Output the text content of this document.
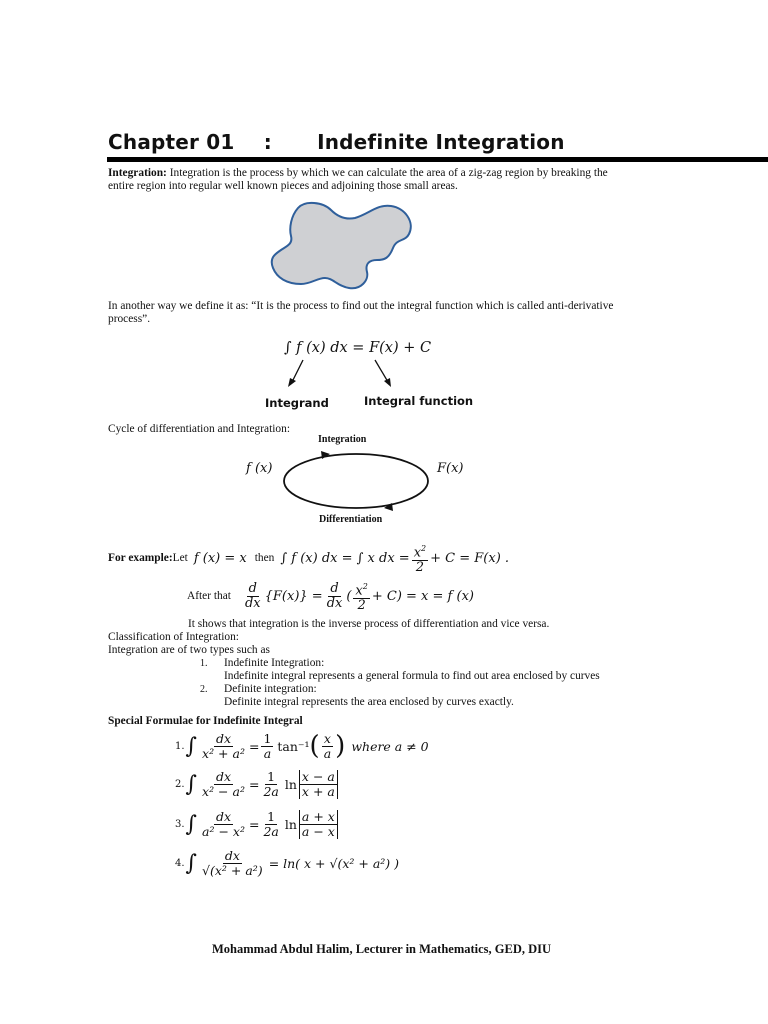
Chapter 01 : Indefinite Integration
Integration: Integration is the process by which we can calculate the area of a zig-zag region by breaking the
entire region into regular well known pieces and adjoining those small areas.
In another way we define it as: “It is the process to find out the integral function which is called anti-derivative
process”.
∫ f (x) dx = F(x) + C
Integrand	Integral function
Cycle of differentiation and Integration:
Integration
f (x)	F(x)
Differentiation
For example: Let f (x) = x then ∫ f (x) dx = ∫ x dx = $\frac{x^2}{2} + C = F(x)$ .
After that $\frac{d}{dx} \{F(x)\} = \frac{d}{dx}$ ( $\frac{x^2}{2} + C) = x = f$ (x)
It shows that integration is the inverse process of differentiation and vice versa.
Classification of Integration:
Integration are of two types such as
1.	Indefinite Integration:
Indefinite integral represents a general formula to find out area enclosed by curves
2.	Definite integration:
Definite integral represents the area enclosed by curves exactly.
Special Formulae for Indefinite Integral
1. ∫ $\frac{dx}{\text{x² + a²}} = \frac{1}{a} \tan^{-1}$ ( $\frac{x}{a}$ ) where a ≠ 0
2. ∫ $\frac{dx}{\text{x² − a²}} = \frac{1}{2a}$ $\ln \frac{x - a}{x + a}$
3. ∫ $\frac{dx}{\text{a² − x²}} = \frac{1}{2a}$ $\ln \frac{a + x}{a - x}$
4. ∫ $\frac{dx}{\text{√(x² + a²)}} = \ln$( x + √(x² + a²) )
Mohammad Abdul Halim, Lecturer in Mathematics, GED, DIU
